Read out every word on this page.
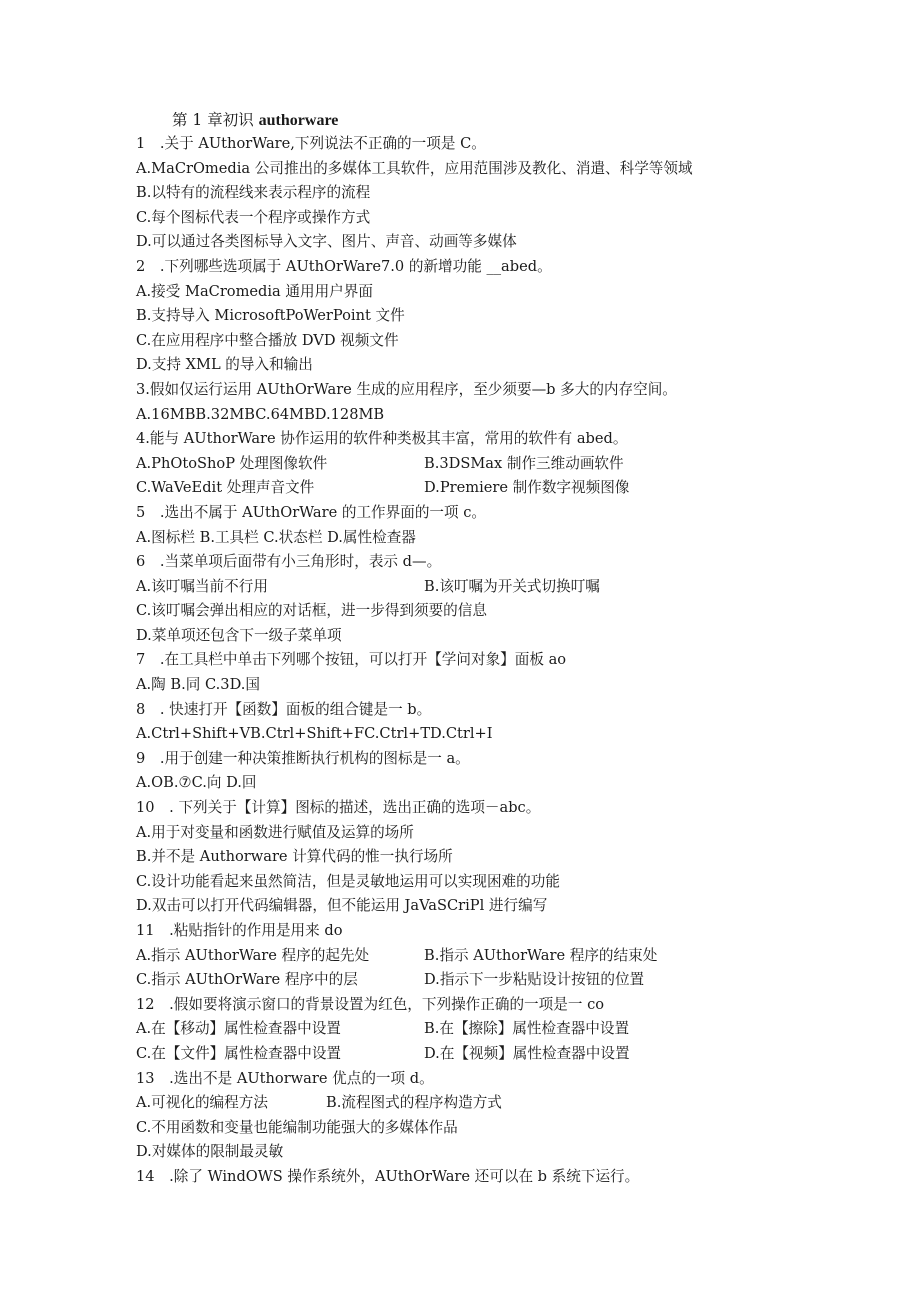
第 1 章初识 authorware
1　.关于 AUthorWare,下列说法不正确的一项是 C。
A.MaCrOmedia 公司推出的多媒体工具软件，应用范围涉及教化、消遣、科学等领域
B.以特有的流程线来表示程序的流程
C.每个图标代表一个程序或操作方式
D.可以通过各类图标导入文字、图片、声音、动画等多媒体
2　.下列哪些选项属于 AUthOrWare7.0 的新增功能 __abed。
A.接受 MaCromedia 通用用户界面
B.支持导入 MicrosoftPoWerPoint 文件
C.在应用程序中整合播放 DVD 视频文件
D.支持 XML 的导入和输出
3.假如仅运行运用 AUthOrWare 生成的应用程序，至少须要—b 多大的内存空间。
A.16MBB.32MBC.64MBD.128MB
4.能与 AUthorWare 协作运用的软件种类极其丰富，常用的软件有 abed。
A.PhOtoShoP 处理图像软件	B.3DSMax 制作三维动画软件
C.WaVeEdit 处理声音文件	D.Premiere 制作数字视频图像
5　.选出不属于 AUthOrWare 的工作界面的一项 c。
A.图标栏 B.工具栏 C.状态栏 D.属性检查器
6　.当菜单项后面带有小三角形时，表示 d—。
A.该叮嘱当前不行用	B.该叮嘱为开关式切换叮嘱
C.该叮嘱会弹出相应的对话框，进一步得到须要的信息
D.菜单项还包含下一级子菜单项
7　.在工具栏中单击下列哪个按钮，可以打开【学问对象】面板 ao
A.陶 B.同 C.3D.国
8　. 快速打开【函数】面板的组合键是一 b。
A.Ctrl+Shift+VB.Ctrl+Shift+FC.Ctrl+TD.Ctrl+I
9　.用于创建一种决策推断执行机构的图标是一 a。
A.OB.⑦C.向 D.回
10　. 下列关于【计算】图标的描述，选出正确的选项－abc。
A.用于对变量和函数进行赋值及运算的场所
B.并不是 Authorware 计算代码的惟一执行场所
C.设计功能看起来虽然简洁，但是灵敏地运用可以实现困难的功能
D.双击可以打开代码编辑器，但不能运用 JaVaSCriPl 进行编写
11　.粘贴指针的作用是用来 do
A.指示 AUthorWare 程序的起先处	B.指示 AUthorWare 程序的结束处
C.指示 AUthOrWare 程序中的层	D.指示下一步粘贴设计按钮的位置
12　.假如要将演示窗口的背景设置为红色，下列操作正确的一项是一 co
A.在【移动】属性检查器中设置	B.在【擦除】属性检查器中设置
C.在【文件】属性检查器中设置	D.在【视频】属性检查器中设置
13　.选出不是 AUthorware 优点的一项 d。
A.可视化的编程方法	B.流程图式的程序构造方式
C.不用函数和变量也能编制功能强大的多媒体作品
D.对媒体的限制最灵敏
14　.除了 WindOWS 操作系统外，AUthOrWare 还可以在 b 系统下运行。
